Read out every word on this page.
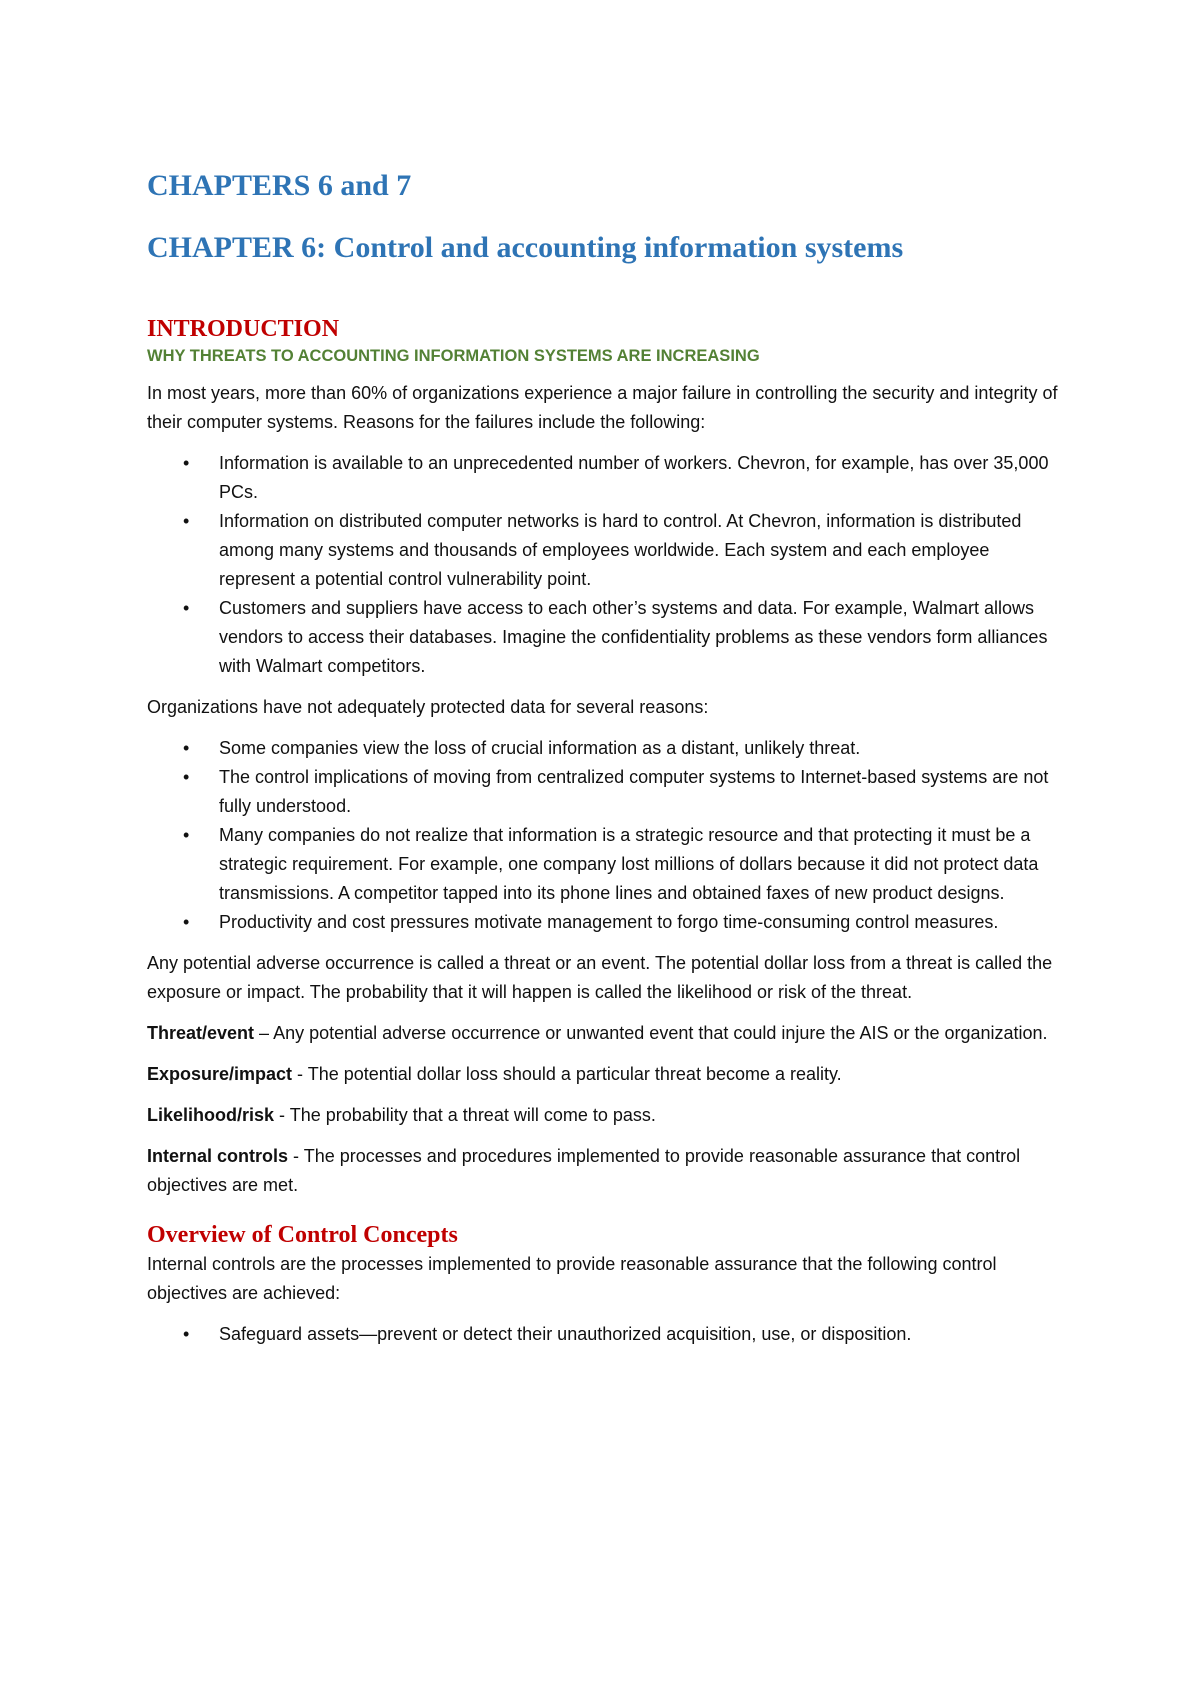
CHAPTERS 6 and 7
CHAPTER 6: Control and accounting information systems
INTRODUCTION
WHY THREATS TO ACCOUNTING INFORMATION SYSTEMS ARE INCREASING

In most years, more than 60% of organizations experience a major failure in controlling the security and integrity of their computer systems. Reasons for the failures include the following:

• Information is available to an unprecedented number of workers. Chevron, for example, has over 35,000 PCs.
• Information on distributed computer networks is hard to control. At Chevron, information is distributed among many systems and thousands of employees worldwide. Each system and each employee represent a potential control vulnerability point.
• Customers and suppliers have access to each other’s systems and data. For example, Walmart allows vendors to access their databases. Imagine the confidentiality problems as these vendors form alliances with Walmart competitors.

Organizations have not adequately protected data for several reasons:

• Some companies view the loss of crucial information as a distant, unlikely threat.
• The control implications of moving from centralized computer systems to Internet-based systems are not fully understood.
• Many companies do not realize that information is a strategic resource and that protecting it must be a strategic requirement. For example, one company lost millions of dollars because it did not protect data transmissions. A competitor tapped into its phone lines and obtained faxes of new product designs.
• Productivity and cost pressures motivate management to forgo time-consuming control measures.

Any potential adverse occurrence is called a threat or an event. The potential dollar loss from a threat is called the exposure or impact. The probability that it will happen is called the likelihood or risk of the threat.

Threat/event – Any potential adverse occurrence or unwanted event that could injure the AIS or the organization.

Exposure/impact - The potential dollar loss should a particular threat become a reality.

Likelihood/risk - The probability that a threat will come to pass.

Internal controls - The processes and procedures implemented to provide reasonable assurance that control objectives are met.

Overview of Control Concepts

Internal controls are the processes implemented to provide reasonable assurance that the following control objectives are achieved:

• Safeguard assets—prevent or detect their unauthorized acquisition, use, or disposition.
